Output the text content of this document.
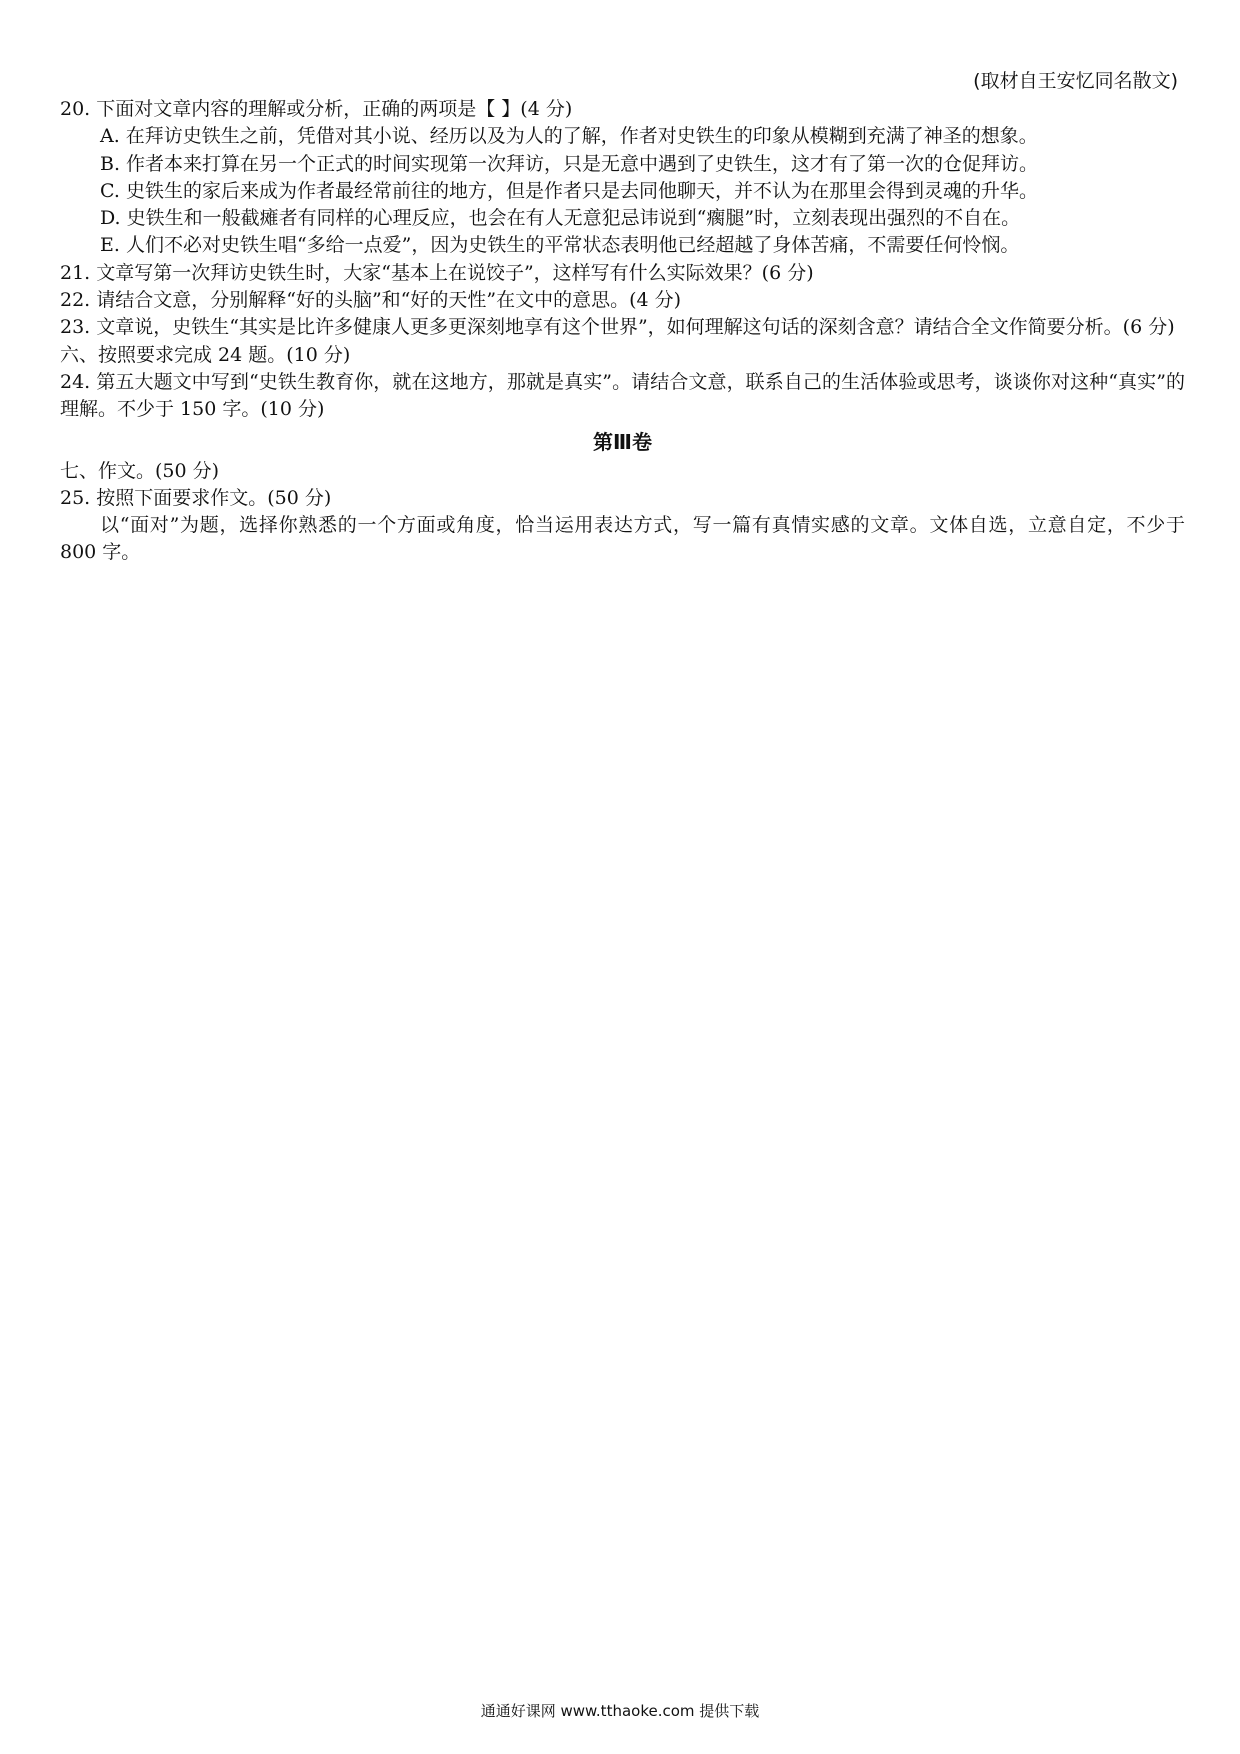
(取材自王安忆同名散文)
20. 下面对文章内容的理解或分析，正确的两项是【 】(4 分)
A. 在拜访史铁生之前，凭借对其小说、经历以及为人的了解，作者对史铁生的印象从模糊到充满了神圣的想象。
B. 作者本来打算在另一个正式的时间实现第一次拜访，只是无意中遇到了史铁生，这才有了第一次的仓促拜访。
C. 史铁生的家后来成为作者最经常前往的地方，但是作者只是去同他聊天，并不认为在那里会得到灵魂的升华。
D. 史铁生和一般截瘫者有同样的心理反应，也会在有人无意犯忌讳说到“瘸腿”时，立刻表现出强烈的不自在。
E. 人们不必对史铁生唱“多给一点爱”，因为史铁生的平常状态表明他已经超越了身体苦痛，不需要任何怜悯。
21. 文章写第一次拜访史铁生时，大家“基本上在说饺子”，这样写有什么实际效果？(6 分)
22. 请结合文意，分别解释“好的头脑”和“好的天性”在文中的意思。(4 分)
23. 文章说，史铁生“其实是比许多健康人更多更深刻地享有这个世界”，如何理解这句话的深刻含意？请结合全文作简要分析。(6 分)
六、按照要求完成 24 题。(10 分)
24. 第五大题文中写到“史铁生教育你，就在这地方，那就是真实”。请结合文意，联系自己的生活体验或思考，谈谈你对这种“真实”的理解。不少于 150 字。(10 分)
第Ⅲ卷
七、作文。(50 分)
25. 按照下面要求作文。(50 分)
以“面对”为题，选择你熟悉的一个方面或角度，恰当运用表达方式，写一篇有真情实感的文章。文体自选，立意自定，不少于 800 字。
通通好课网 www.tthaoke.com 提供下载
